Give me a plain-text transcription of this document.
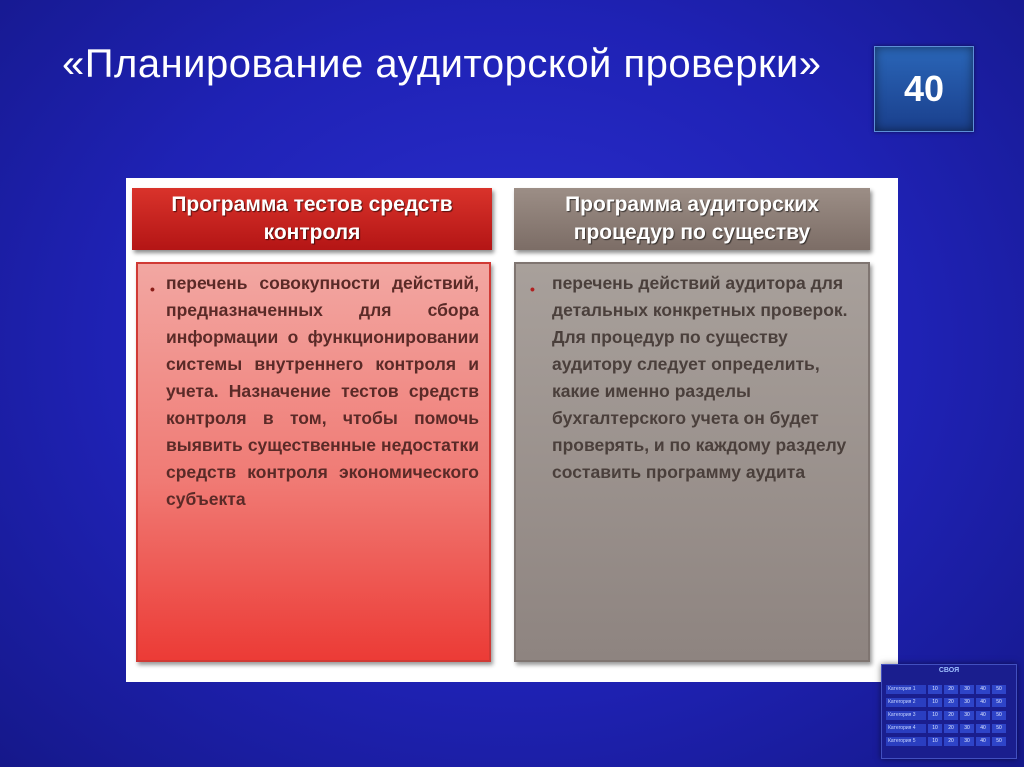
«Планирование аудиторской проверки»
40
Программа тестов средств контроля
Программа аудиторских процедур по существу
• перечень совокупности действий, предназначенных для сбора информации о функционировании системы внутреннего контроля и учета. Назначение тестов средств контроля в том, чтобы помочь выявить существенные недостатки средств контроля экономического субъекта

• перечень действий аудитора для детальных конкретных проверок. Для процедур по существу аудитору следует определить, какие именно разделы бухгалтерского учета он будет проверять, и по каждому разделу составить программу аудита

СВОЯ
Категория 1	10	20	30	40	50
Категория 2	10	20	30	40	50
Категория 3	10	20	30	40	50
Категория 4	10	20	30	40	50
Категория 5	10	20	30	40	50
